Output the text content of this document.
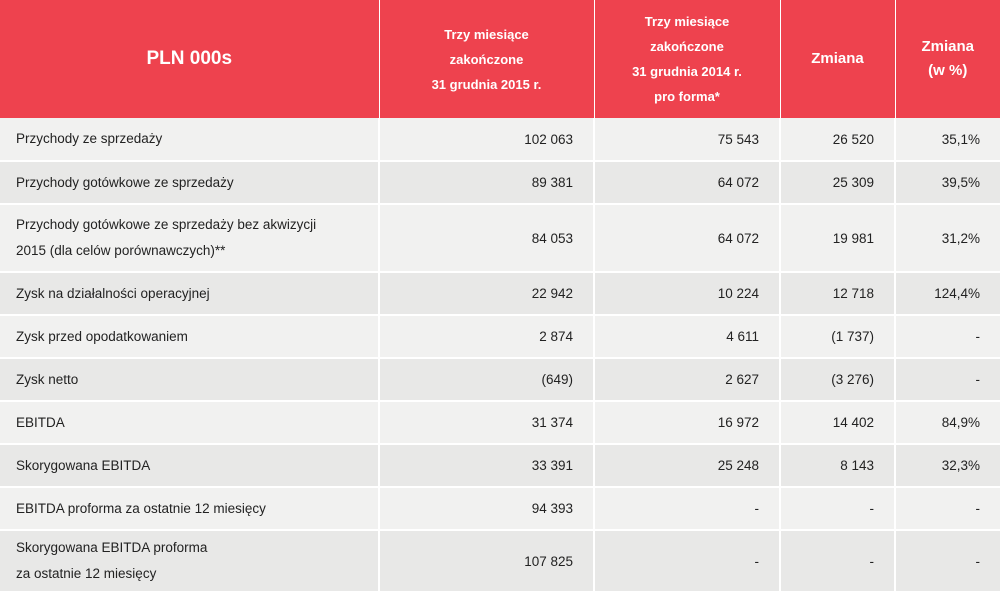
PLN 000s	Trzy miesiące
zakończone
31 grudnia 2015 r.	Trzy miesiące
zakończone
31 grudnia 2014 r.
pro forma*	Zmiana	Zmiana
(w %)

Przychody ze sprzedaży	102 063	75 543	26 520	35,1%

Przychody gotówkowe ze sprzedaży	89 381	64 072	25 309	39,5%

Przychody gotówkowe ze sprzedaży bez akwizycji
2015 (dla celów porównawczych)**	84 053	64 072	19 981	31,2%

Zysk na działalności operacyjnej	22 942	10 224	12 718	124,4%

Zysk przed opodatkowaniem	2 874	4 611	(1 737)	-

Zysk netto	(649)	2 627	(3 276)	-

EBITDA	31 374	16 972	14 402	84,9%

Skorygowana EBITDA	33 391	25 248	8 143	32,3%

EBITDA proforma za ostatnie 12 miesięcy	94 393	-	-	-

Skorygowana EBITDA proforma
za ostatnie 12 miesięcy	107 825	-	-	-
